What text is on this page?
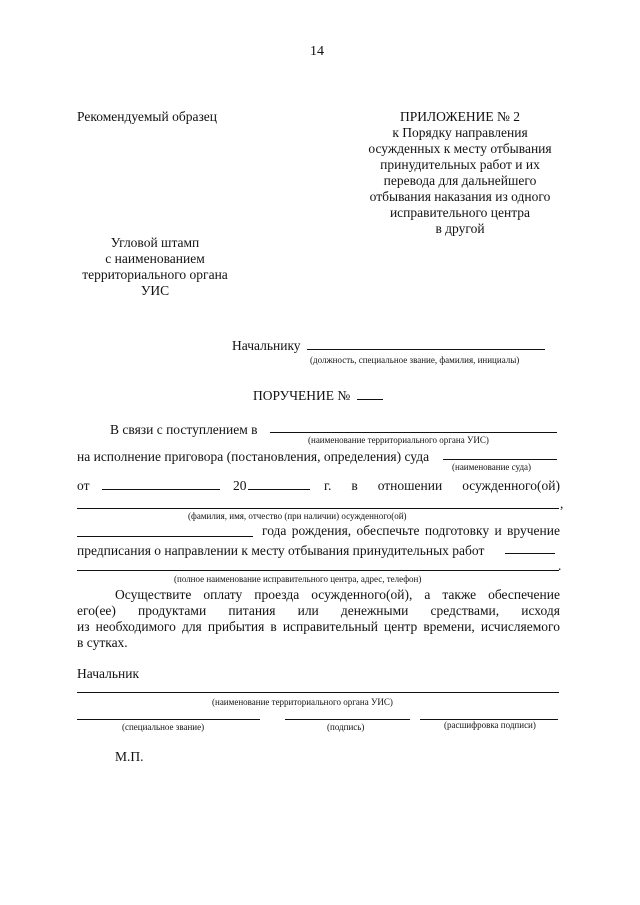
14
Рекомендуемый образец	ПРИЛОЖЕНИЕ № 2
к Порядку направления
осужденных к месту отбывания
принудительных работ и их
перевода для дальнейшего
отбывания наказания из одного
исправительного центра
в другой
Угловой штамп
с наименованием
территориального органа
УИС
Начальнику
(должность, специальное звание, фамилия, инициалы)
ПОРУЧЕНИЕ №
В связи с поступлением в
(наименование территориального органа УИС)
на исполнение приговора (постановления, определения) суда
(наименование суда)
от	20	г. в отношении осужденного(ой)
,
(фамилия, имя, отчество (при наличии) осужденного(ой)
года рождения, обеспечьте подготовку и вручение
предписания о направлении к месту отбывания принудительных работ
.
(полное наименование исправительного центра, адрес, телефон)
Осуществите оплату проезда осужденного(ой), а также обеспечение
его(ее) продуктами питания или денежными средствами, исходя
из необходимого для прибытия в исправительный центр времени, исчисляемого
в сутках.
Начальник
(наименование территориального органа УИС)
(специальное звание)	(подпись)	(расшифровка подписи)
М.П.
